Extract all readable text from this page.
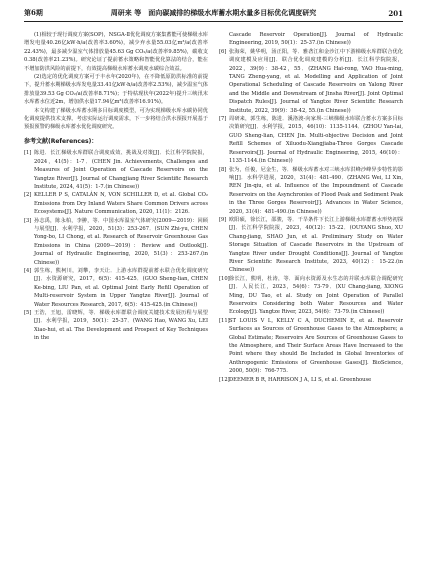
第6期	周研来 等　面向碳减排的梯级水库蓄水期水量多目标优化调度研究	201

(1)相较于现行调度方案(SOP)，NSGA-Ⅱ优化调度方案集蓄能可使梯级水库增发电量40.26亿kW·h/a(改善率3.60%)，减少弃水量55.03亿m³/a(改善率22.43%)，最多减少温室气体排放量45.63 Gg CO₂/a(改善率9.85%)，碳收支0.38(改善率21.23%)。研究论证了提前蓄水策略和智能优化算法的结合，能在不增加防洪风险的前提下，有效提高梯级水库蓄水调度水碳综合效益。

(2)选定的优化调度方案可于丰水年(2020年)，在不降低原防洪标准的前提下，提升蓄水期梯级水库发电量33.41亿kW·h/a(改善率2.53%)，减少温室气体排放量39.53 Gg CO₂/a(改善率8.71%)；于特枯现状年(2022年)提升三峡汛末水库蓄水位近2m，增加供水量17.94亿m³(改善率16.91%)。

本文构建了梯级水库蓄水期多目标调度模型，可为实现梯级水库水碳协同优化调度提供技术支撑。考虑实际运行调度需求，下一步将结合洪水预报开展基于预报预警的梯级水库蓄水优化调度研究。

参考文献(References)：
[1] 陈进．长江梯级水库群联合调度成效、挑战及对策[J]．长江科学院院报，2024，41(5)：1-7．(CHEN Jin. Achievements, Challenges and Measures of Joint Operation of Cascade Reservoirs on the Yangtze River[J]. Journal of Changjiang River Scientific Research Institute, 2024, 41(5)：1-7.(in Chinese))
[2] KELLER P S, CATALÁN N, VON SCHILLER D, et al. Global CO₂ Emissions from Dry Inland Waters Share Common Drivers across Ecosystems[J]. Nature Communication, 2020, 11(1)：2126.
[3] 孙志禹，陈永柏，李翀，等．中国水库温室气体研究(2009—2019)：回顾与展望[J]．水利学报，2020，51(3)：253-267．(SUN Zhi-yu, CHEN Yong-bo, LI Chong, et al. Research of Reservoir Greenhouse Gas Emissions in China (2009—2019)：Review and Outlook[J]. Journal of Hydraulic Engineering, 2020, 51(3)：253-267.(in Chinese))
[4] 郭生练，熊柯川，刘攀，李天让．上游水库群提前蓄水联合优化调度研究[J]．水资源研究，2017，6(5)：415-425．(GUO Sheng-lian, CHEN Ke-bing, LIU Pan, et al. Optimal Joint Early Refill Operation of Multi-reservoir System in Upper Yangtze River[J]. Journal of Water Resources Research, 2017, 6(5)：415-425.(in Chinese))
[5] 王浩，王旭，雷晓辉，等．梯级水库群联合调度关键技术发展历程与展望[J]．水利学报，2019，50(1)：25-37．(WANG Hao, WANG Xu, LEI Xiao-hui, et al. The Development and Prospect of Key Techniques in the

Cascade Reservoir Operation[J]. Journal of Hydraulic Engineering, 2019, 50(1)：25-37.(in Chinese))

[6] 张海荣，姚华明，汤正阳，等．雅砻江和金沙江中下游梯级水库群联合优化调度建模及应用[J]．联合优化调度建模的分析[J]．长江科学院院报，2022，39(9)：38-42，55．(ZHANG Hai-rong, YAO Hua-ming, TANG Zheng-yang, et al. Modelling and Application of Joint Operational Scheduling of Cascade Reservoirs on Yalong River and the Middle and Downstream of Jinsha River[J]. Joint Optimal Dispatch Rules[J]. Journal of Yangtze River Scientific Research Institute, 2022, 39(9)：38-42, 55.(in Chinese))
[7] 周研来，郭生练，陈进．溪洛渡-向家坝-三峡梯级水库联合蓄水方案多目标决策研究[J]．水利学报，2015，46(10)：1135-1144．(ZHOU Yan-lai, GUO Sheng-lian, CHEN Jin. Multi-objective Decision and Joint Refill Schemes of Xiluodu-Xiangjiaba-Three Gorges Cascade Reservoirs[J]. Journal of Hydraulic Engineering, 2015, 46(10)：1135-1144.(in Chinese))
[8] 张为，任俊，尼金生，等．梯级水库蓄水对三峡水库洪峰沙峰异步特性的影响[J]．水科学进展，2020，31(4)：481-490．(ZHANG Wei, LI Xin, REN Jin-qiu, et al. Influence of the Impoundment of Cascade Reservoirs on the Asynchronies of Flood Peak and Sediment Peak in the Three Gorges Reservoir[J]. Advances in Water Science, 2020, 31(4)：481-490.(in Chinese))
[9] 欧阳硕，徐长江，邵骏，等．干旱条件下长江上游梯级水库群蓄水形势初探[J]．长江科学院院报，2023，40(12)：15-22．(OUYANG Shuo, XU Chang-jiang, SHAO Jun, et al. Preliminary Study on Water Storage Situation of Cascade Reservoirs in the Upstream of Yangtze River under Drought Conditions[J]. Journal of Yangtze River Scientific Research Institute, 2023, 40(12)：15-22.(in Chinese))
[10] 徐长江，熊明，杜涛，等．面向水资源及水生态的并联水库联合调配研究[J]．人民长江，2023，54(6)：73-79．(XU Chang-jiang, XIONG Ming, DU Tao, et al. Study on Joint Operation of Parallel Reservoirs Considering both Water Resources and Water Ecology[J]. Yangtze River, 2023, 54(6)：73-79.(in Chinese))
[11] ST LOUIS V L, KELLY C A, DUCHEMIN E, et al. Reservoir Surfaces as Sources of Greenhouse Gases to the Atmosphere; a Global Estimate; Reservoirs Are Sources of Greenhouse Gases to the Atmosphere, and Their Surface Areas Have Increased to the Point where they should Be Included in Global Inventories of Anthropogenic Emissions of Greenhouse Gases[J]. BioScience, 2000, 50(9)：766-775.
[12] DEEMER B R, HARRISON J A, LI S, et al. Greenhouse
